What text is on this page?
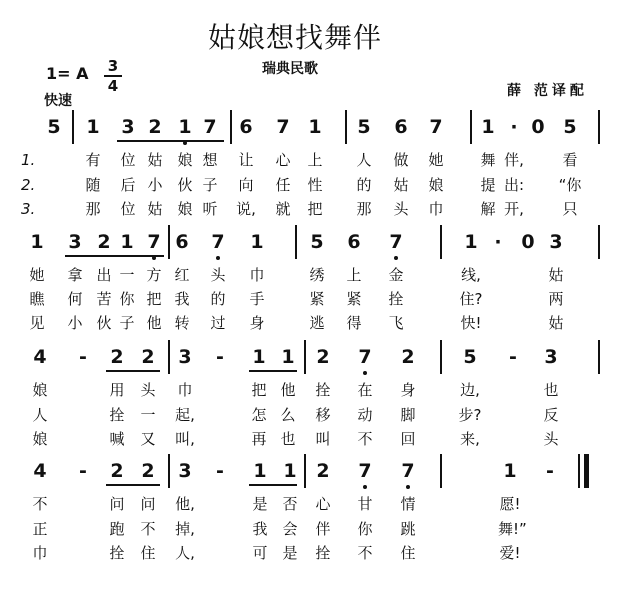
姑娘想找舞伴
瑞典民歌
1= A 3
4
快速
薛 范译配
5 1 3 2 1 7 6 7 1 5 6 7 1 · 0 5
1.	有	位 姑 娘 想	让	心	上	人	做	她	舞 伴,	看
2.	随	后 小 伙 子	向	任	性	的	姑	娘	提 出: “你
3.	那	位 姑 娘 听	说, 就	把	那	头	巾	解 开,	只
1 3 2 1 7 6 7 1 5 6 7	1 ·	0 3
她	拿 出 一 方 红	头	巾	绣	上	金	线,	姑
瞧	何 苦 你 把 我	的	手	紧	紧	拴	住?	两
见	小 伙 子 他 转	过	身	逃	得	飞	快!	姑
4	-	2 2 3	-	1 1 2 7 2	5	-	3
娘	用	头	巾	把 他	拴	在	身	边,	也
人	拴	一	起,	怎 么	移	动	脚	步?	反
娘	喊	又	叫,	再 也	叫	不	回	来,	头
4	-	2 2 3	-	1 1 2 7 7	1	-
不	问	问	他,	是 否	心	甘	情	愿!
正	跑	不	掉,	我 会	伴	你	跳	舞!”
巾	拴	住	人,	可 是	拴	不	住	爱!
